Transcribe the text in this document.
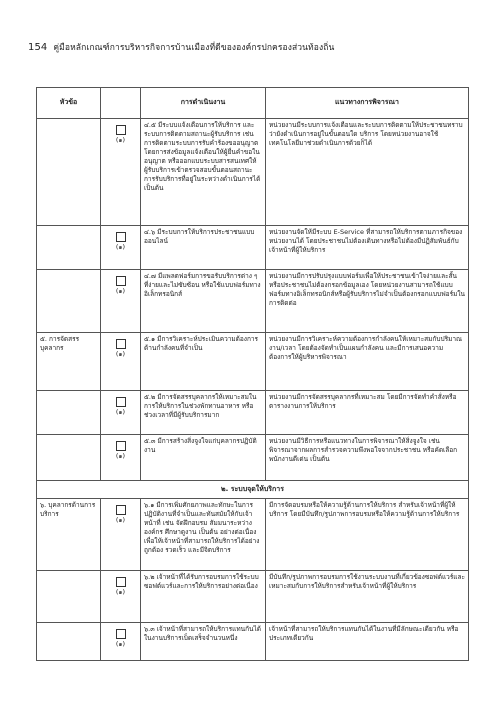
154 คู่มือหลักเกณฑ์การบริหารกิจการบ้านเมืองที่ดีขององค์กรปกครองส่วนท้องถิ่น
หัวข้อ		การดำเนินงาน	แนวทางการพิจารณา

	(๑)	๔.๕ มีระบบแจ้งเตือนการให้บริการ และระบบการติดตามสถานะผู้รับบริการ เช่น การติดตามระบบการรับคำร้องขออนุญาตโดยการส่งข้อมูลแจ้งเตือนให้ผู้ยื่นคำขอในอนุญาต หรือออกแบบระบบสารสนเทศให้ผู้รับบริการเข้าตรวจสอบขั้นตอนสถานะ การรับบริการที่อยู่ในระหว่างดำเนินการได้เป็นต้น	หน่วยงานมีระบบการแจ้งเตือนและระบบการติดตามให้ประชาชนทราบว่ายังดำเนินการอยู่ในขั้นตอนใด บริการ โดยหน่วยงานอาจใช้เทคโนโลยีมาช่วยดำเนินการด้วยก็ได้

	(๑)	๔.๖ มีระบบการให้บริการประชาชนแบบออนไลน์	หน่วยงานจัดให้มีระบบ E-Service ที่สามารถให้บริการตามภารกิจของหน่วยงานได้ โดยประชาชนไม่ต้องเดินทางหรือไม่ต้องมีปฏิสัมพันธ์กับเจ้าหน้าที่ผู้ให้บริการ

	(๑)	๔.๗ มีแพลตฟอร์มการขอรับบริการต่าง ๆ ที่ง่ายและไม่ซับซ้อน หรือใช้แบบฟอร์มทางอิเล็กทรอนิกส์	หน่วยงานมีการปรับปรุงแบบฟอร์มเพื่อให้ประชาชนเข้าใจง่ายและสั้น หรือประชาชนไม่ต้องกรอกข้อมูลเอง โดยหน่วยงานสามารถใช้แบบฟอร์มทางอิเล็กทรอนิกส์หรือผู้รับบริการไม่จำเป็นต้องกรอกแบบฟอร์มในการติดต่อ
๕. การจัดสรรบุคลากร	(๑)	๕.๑ มีการวิเคราะห์ประเมินความต้องการด้านกำลังคนที่จำเป็น	หน่วยงานมีการวิเคราะห์ความต้องการกำลังคนให้เหมาะสมกับปริมาณงาน/เวลา โดยต้องจัดทำเป็นแผนกำลังคน และมีการเสนอความต้องการให้ผู้บริหารพิจารณา

	(๑)	๕.๒ มีการจัดสรรบุคลากรให้เหมาะสมในการให้บริการในช่วงพักทานอาหาร หรือช่วงเวลาที่มีผู้รับบริการมาก	หน่วยงานมีการจัดสรรบุคลากรที่เหมาะสม โดยมีการจัดทำคำสั่งหรือตารางงานการให้บริการ

	(๑)	๕.๓ มีการสร้างสิ่งจูงใจแก่บุคลากรปฏิบัติงาน	หน่วยงานมีวิธีการหรือแนวทางในการพิจารณาให้สิ่งจูงใจ เช่น พิจารณาจากผลการสำรวจความพึงพอใจจากประชาชน หรือคัดเลือกพนักงานดีเด่น เป็นต้น
๒. ระบบจุดให้บริการ			
๖. บุคลากรด้านการบริการ	(๑)	๖.๑ มีการเพิ่มศักยภาพและทักษะในการปฏิบัติงานที่จำเป็นและทันสมัยให้กับเจ้าหน้าที่ เช่น จัดฝึกอบรม สัมมนาระหว่างองค์กร ศึกษาดูงาน เป็นต้น อย่างต่อเนื่อง เพื่อให้เจ้าหน้าที่สามารถให้บริการได้อย่างถูกต้อง รวดเร็ว และมีจิตบริการ	มีการจัดอบรมหรือให้ความรู้ด้านการให้บริการ สำหรับเจ้าหน้าที่ผู้ให้บริการ โดยมีบันทึก/รูปภาพการอบรมหรือให้ความรู้ด้านการให้บริการ

	(๑)	๖.๒ เจ้าหน้าที่ได้รับการอบรมการใช้ระบบซอฟต์แวร์และการให้บริการอย่างต่อเนื่อง	มีบันทึก/รูปภาพการอบรมการใช้งานระบบงานที่เกี่ยวข้องซอฟต์แวร์และเหมาะสมกับการให้บริการสำหรับเจ้าหน้าที่ผู้ให้บริการ

	(๑)	๖.๓ เจ้าหน้าที่สามารถให้บริการแทนกันได้ในงานบริการเบ็ดเสร็จจำนวนหนึ่ง	เจ้าหน้าที่สามารถให้บริการแทนกันได้ในงานที่มีลักษณะเดียวกัน หรือประเภทเดียวกัน
